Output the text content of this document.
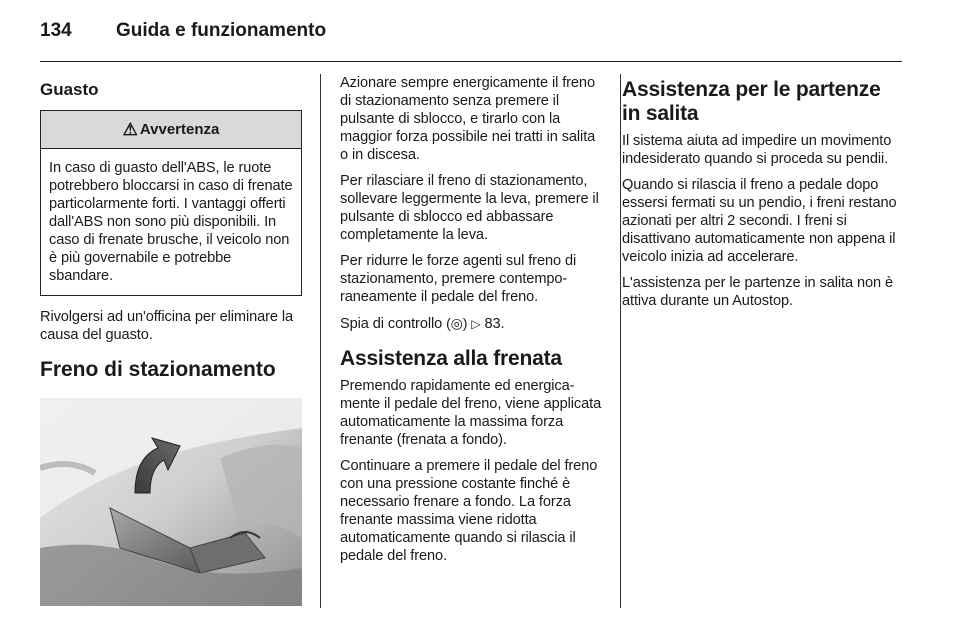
134	Guida e funzionamento
Guasto
⚠ Avvertenza
In caso di guasto dell'ABS, le ruote potrebbero bloccarsi in caso di frenate particolarmente forti. I vantaggi offerti dall'ABS non sono più disponibili. In caso di frenate brusche, il veicolo non è più governabile e potrebbe sbandare.

Rivolgersi ad un'officina per eliminare la causa del guasto.

Freno di stazionamento

Azionare sempre energicamente il freno di stazionamento senza premere il pulsante di sblocco, e tirarlo con la maggior forza possibile nei tratti in salita o in discesa.

Per rilasciare il freno di stazionamento, sollevare leggermente la leva, premere il pulsante di sblocco ed abbassare completamente la leva.

Per ridurre le forze agenti sul freno di stazionamento, premere contemporaneamente il pedale del freno.

Spia di controllo (◎) ▷ 83.

Assistenza alla frenata

Premendo rapidamente ed energicamente il pedale del freno, viene applicata automaticamente la massima forza frenante (frenata a fondo).

Continuare a premere il pedale del freno con una pressione costante finché è necessario frenare a fondo. La forza frenante massima viene ridotta automaticamente quando si rilascia il pedale del freno.

Assistenza per le partenze in salita

Il sistema aiuta ad impedire un movimento indesiderato quando si proceda su pendii.

Quando si rilascia il freno a pedale dopo essersi fermati su un pendio, i freni restano azionati per altri 2 secondi. I freni si disattivano automaticamente non appena il veicolo inizia ad accelerare.

L'assistenza per le partenze in salita non è attiva durante un Autostop.
